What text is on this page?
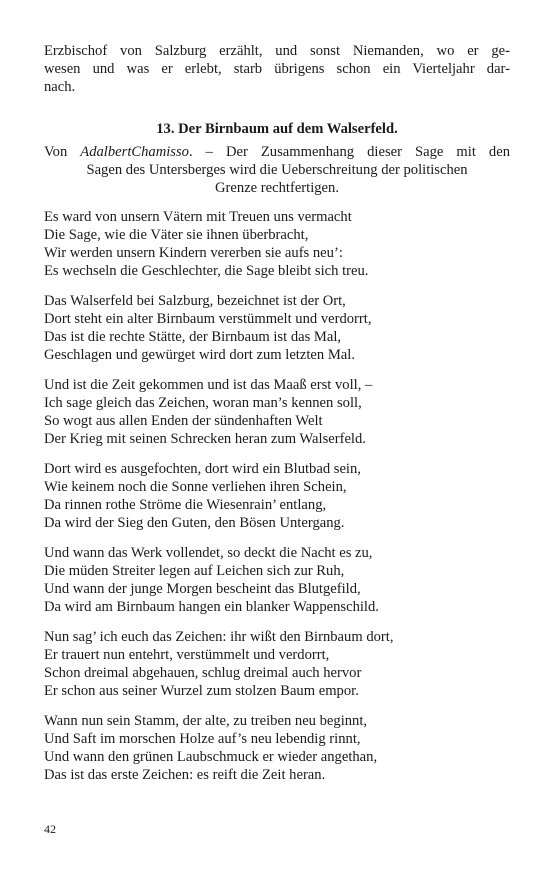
Erzbischof von Salzburg erzählt, und sonst Niemanden, wo er ge-
wesen und was er erlebt, starb übrigens schon ein Vierteljahr dar-
nach.
13. Der Birnbaum auf dem Walserfeld.
Von AdalbertChamisso. – Der Zusammenhang dieser Sage mit den
Sagen des Untersberges wird die Ueberschreitung der politischen
Grenze rechtfertigen.
Es ward von unsern Vätern mit Treuen uns vermacht
Die Sage, wie die Väter sie ihnen überbracht,
Wir werden unsern Kindern vererben sie aufs neu’:
Es wechseln die Geschlechter, die Sage bleibt sich treu.
Das Walserfeld bei Salzburg, bezeichnet ist der Ort,
Dort steht ein alter Birnbaum verstümmelt und verdorrt,
Das ist die rechte Stätte, der Birnbaum ist das Mal,
Geschlagen und gewürget wird dort zum letzten Mal.
Und ist die Zeit gekommen und ist das Maaß erst voll, –
Ich sage gleich das Zeichen, woran man’s kennen soll,
So wogt aus allen Enden der sündenhaften Welt
Der Krieg mit seinen Schrecken heran zum Walserfeld.
Dort wird es ausgefochten, dort wird ein Blutbad sein,
Wie keinem noch die Sonne verliehen ihren Schein,
Da rinnen rothe Ströme die Wiesenrain’ entlang,
Da wird der Sieg den Guten, den Bösen Untergang.
Und wann das Werk vollendet, so deckt die Nacht es zu,
Die müden Streiter legen auf Leichen sich zur Ruh,
Und wann der junge Morgen bescheint das Blutgefild,
Da wird am Birnbaum hangen ein blanker Wappenschild.
Nun sag’ ich euch das Zeichen: ihr wißt den Birnbaum dort,
Er trauert nun entehrt, verstümmelt und verdorrt,
Schon dreimal abgehauen, schlug dreimal auch hervor
Er schon aus seiner Wurzel zum stolzen Baum empor.
Wann nun sein Stamm, der alte, zu treiben neu beginnt,
Und Saft im morschen Holze auf’s neu lebendig rinnt,
Und wann den grünen Laubschmuck er wieder angethan,
Das ist das erste Zeichen: es reift die Zeit heran.
42
